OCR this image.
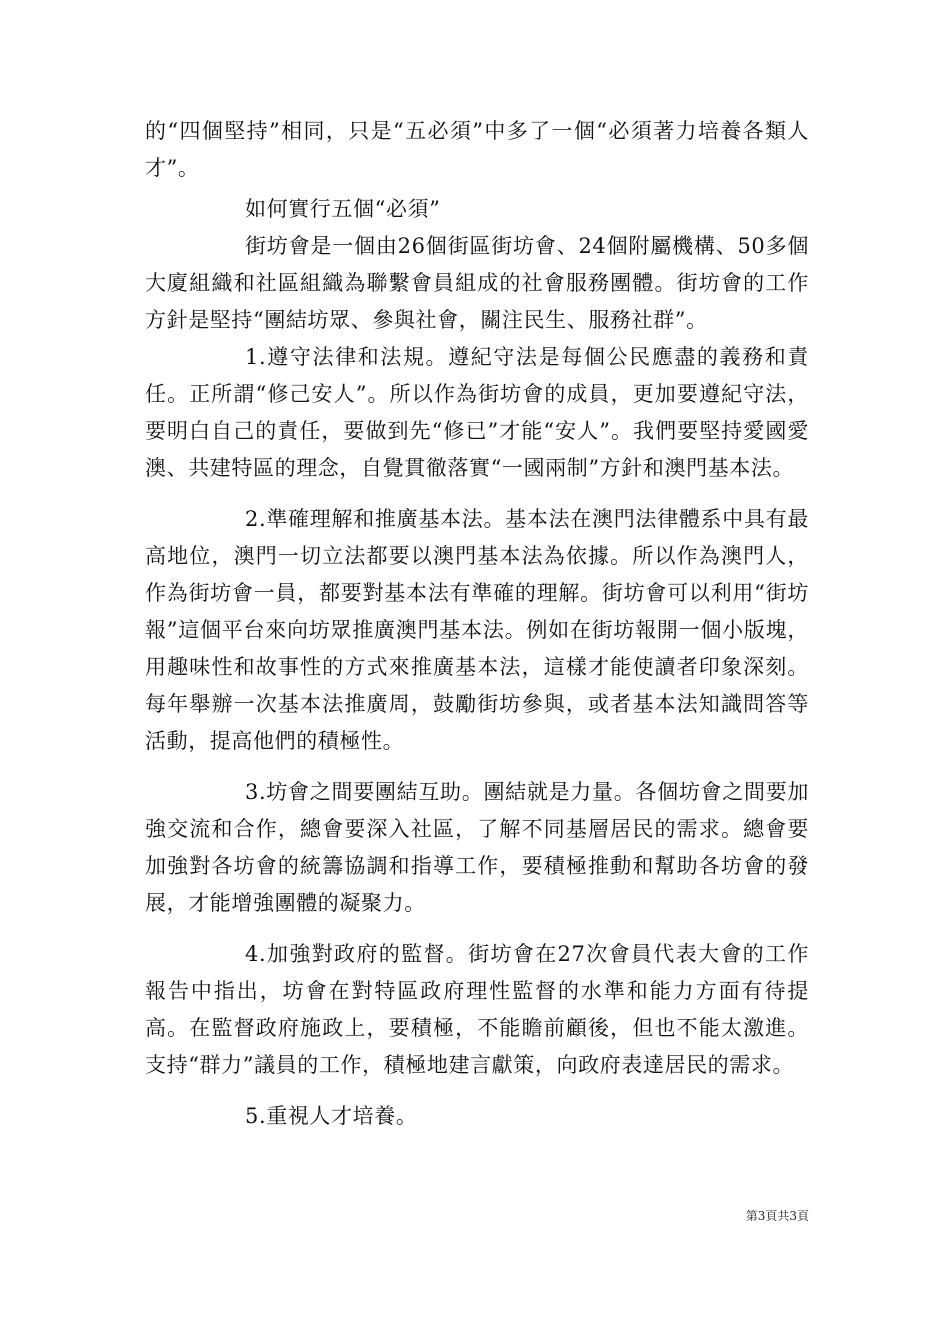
的“四個堅持”相同，只是“五必須”中多了一個“必須著力培養各類人才”。

如何實行五個“必須”

街坊會是一個由26個街區街坊會、24個附屬機構、50多個大廈組織和社區組織為聯繫會員組成的社會服務團體。街坊會的工作方針是堅持“團結坊眾、參與社會，關注民生、服務社群”。

1.遵守法律和法規。遵紀守法是每個公民應盡的義務和責任。正所謂“修己安人”。所以作為街坊會的成員，更加要遵紀守法，要明白自己的責任，要做到先“修已”才能“安人”。我們要堅持愛國愛澳、共建特區的理念，自覺貫徹落實“一國兩制”方針和澳門基本法。

2.準確理解和推廣基本法。基本法在澳門法律體系中具有最高地位，澳門一切立法都要以澳門基本法為依據。所以作為澳門人，作為街坊會一員，都要對基本法有準確的理解。街坊會可以利用“街坊報”這個平台來向坊眾推廣澳門基本法。例如在街坊報開一個小版塊，用趣味性和故事性的方式來推廣基本法，這樣才能使讀者印象深刻。每年舉辦一次基本法推廣周，鼓勵街坊參與，或者基本法知識問答等活動，提高他們的積極性。

3.坊會之間要團結互助。團結就是力量。各個坊會之間要加強交流和合作，總會要深入社區，了解不同基層居民的需求。總會要加強對各坊會的統籌協調和指導工作，要積極推動和幫助各坊會的發展，才能增強團體的凝聚力。

4.加強對政府的監督。街坊會在27次會員代表大會的工作報告中指出，坊會在對特區政府理性監督的水準和能力方面有待提高。在監督政府施政上，要積極，不能瞻前顧後，但也不能太激進。支持“群力”議員的工作，積極地建言獻策，向政府表達居民的需求。

5.重視人才培養。

第3頁共3頁
